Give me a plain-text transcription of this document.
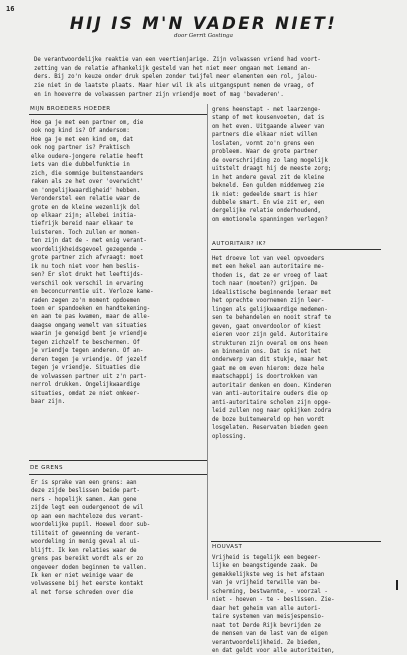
16
HIJ IS M'N VADER NIET!
door Gerrit Gostinga
De verantwoordelijke reaktie van een veertienjarige. Zijn volwassen vriend had voort-
zetting van de relatie afhankelijk gesteld van het niet meer omgaan met iemand an-
ders. Bij zo'n keuze onder druk spelen zonder twijfel meer elementen een rol, jalou-
zie niet in de laatste plaats. Maar hier wil ik als uitgangspunt nemen de vraag, of
en in hoeverre de volwassen partner zijn vriendje moet of mag 'bevaderen'.
MIJN BROEDERS HOEDER
Hoe ga je met een partner om, die
ook nog kind is? Of andersom:
Hoe ga je met een kind om, dat
ook nog partner is? Praktisch
elke oudere-jongere relatie heeft
iets van die dubbelfunktie in
zich, die sommige buitenstaanders
raken als ze het over 'overwicht'
en 'ongelijkwaardigheid' hebben.
Veronderstel een relatie waar de
grote en de kleine wezenlijk dol
op elkaar zijn; allebei initia-
tiefrijk bereid naar elkaar te
luisteren. Toch zullen er momen-
ten zijn dat de - met enig verant-
woordelijkheidsgevoel gezegende -
grote partner zich afvraagt: moet
ik nu toch niet voor hem beslis-
sen? Er slot drukt het leeftijds-
verschil ook verschil in ervaring
en beconcurrentie uit. Verloze kame-
raden zegen zo'n moment opdoemen
toen er spandoeken en handtekening-
en aan te pas kwamen, maar de alle-
daagse omgang wemelt van situaties
waarin je geneigd bent je vriendje
tegen zichzelf te beschermen. Of
je vriendje tegen anderen. Of an-
deren tegen je vriendje. Of jezelf
tegen je vriendje. Situaties die
de volwassen partner uit z'n part-
nerrol drukken. Ongelijkwaardige
situaties, omdat ze niet omkeer-
baar zijn.
DE GRENS
Er is sprake van een grens: aan
deze zijde beslissen beide part-
ners - hopelijk samen. Aan gene
zijde legt een oudergenoot de wil
op aan een machteloze dus verant-
woordelijke pupil. Hoewel door sub-
tiliteit of gewenning de verant-
woordeling in menig geval al ui-
blijft. Ik ken relaties waar de
grens pas bereikt wordt als er zo
ongeveer doden beginnen te vallen.
Ik ken er niet weinige waar de
volwassene bij het eerste kontakt
al met forse schreden over die
grens heenstapt - met laarzenge-
stamp of met kousenvoeten, dat is
om het even. Uitgaande alweer van
partners die elkaar niet willen
loslaten, vormt zo'n grens een
probleem. Waar de grote partner
de overschrijding zo lang mogelijk
uitstelt draagt hij de meeste zorg;
in het andere geval zit de kleine
bekneld. Een gulden middenweg zie
ik niet: gedeelde smart is hier
dubbele smart. En wie zit er, een
dergelijke relatie onderhoudend,
om emotionele spanningen verlegen?
AUTORITAIR? IK?
Het droeve lot van veel opvoeders
met een hekel aan autoritaire me-
thoden is, dat ze er vroeg of laat
toch naar (moeten?) grijpen. De
idealistische beginnende leraar met
het oprechte voornemen zijn leer-
lingen als gelijkwaardige medemen-
sen te behandelen en nooit straf te
geven, gaat onverdoolor of kiest
eieren voor zijn geld. Autoritaire
strukturen zijn overal om ons heen
en binnenin ons. Dat is niet het
onderwerp van dit stukje, maar het
gaat me om even hierom: deze hele
maatschappij is doortrokken van
autoritair denken en doen. Kinderen
van anti-autoritaire ouders die op
anti-autoritaire scholen zijn opge-
leid zullen nog naar opkijken zodra
de boze buitenwereld op hen wordt
losgelaten. Reservaten bieden geen
oplossing.
HOUVAST
Vrijheid is tegelijk een begeer-
lijke en beangstigende zaak. De
gemakkelijkste weg is het afstaan
van je vrijheid terwille van be-
scherming, bestwarmte, - voorzal -
niet - hoeven - te - beslissen. Zie-
daar het geheim van alle autori-
taire systemen van meisjespensio-
naat tot Derde Rijk bevrijden ze
de mensen van de last van de eigen
verantwoordelijkheid. Ze bieden,
en dat geldt voor alle autoriteiten,
